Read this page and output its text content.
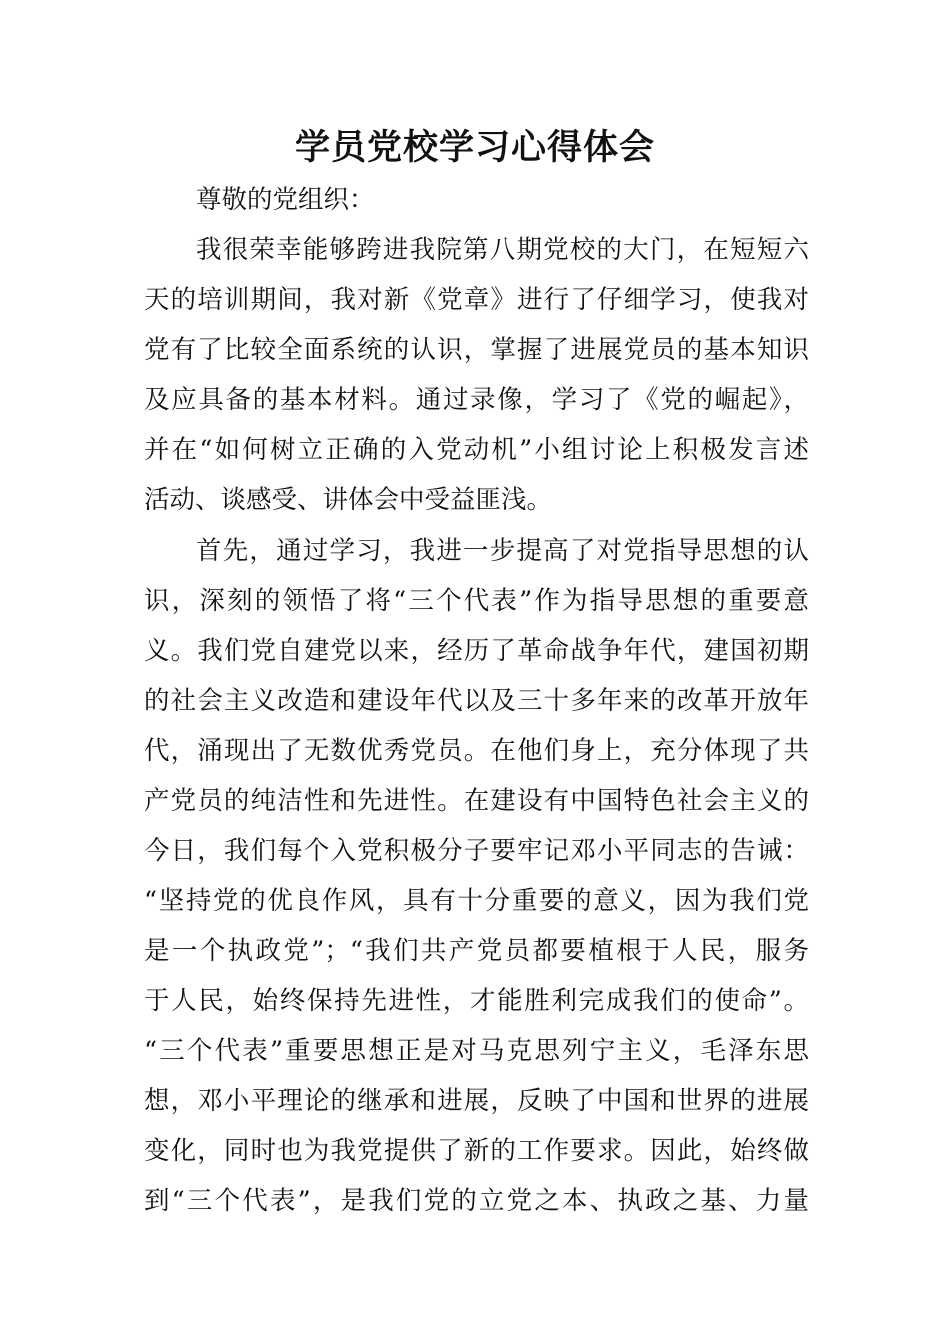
学员党校学习心得体会
尊敬的党组织：
我很荣幸能够跨进我院第八期党校的大门，在短短六
天的培训期间，我对新《党章》进行了仔细学习，使我对
党有了比较全面系统的认识，掌握了进展党员的基本知识
及应具备的基本材料。通过录像，学习了《党的崛起》，
并在“如何树立正确的入党动机”小组讨论上积极发言述
活动、谈感受、讲体会中受益匪浅。
首先，通过学习，我进一步提高了对党指导思想的认
识，深刻的领悟了将“三个代表”作为指导思想的重要意
义。我们党自建党以来，经历了革命战争年代，建国初期
的社会主义改造和建设年代以及三十多年来的改革开放年
代，涌现出了无数优秀党员。在他们身上，充分体现了共
产党员的纯洁性和先进性。在建设有中国特色社会主义的
今日，我们每个入党积极分子要牢记邓小平同志的告诫：
“坚持党的优良作风，具有十分重要的意义，因为我们党
是一个执政党”；“我们共产党员都要植根于人民，服务
于人民，始终保持先进性，才能胜利完成我们的使命”。
“三个代表”重要思想正是对马克思列宁主义，毛泽东思
想，邓小平理论的继承和进展，反映了中国和世界的进展
变化，同时也为我党提供了新的工作要求。因此，始终做
到“三个代表”，是我们党的立党之本、执政之基、力量
